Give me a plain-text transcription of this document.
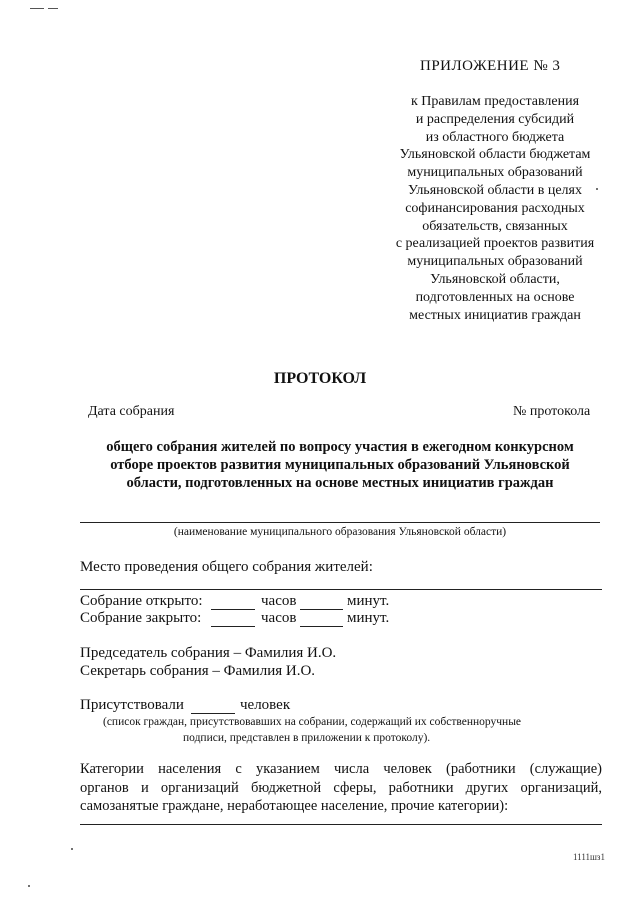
ПРИЛОЖЕНИЕ № 3
к Правилам предоставления
и распределения субсидий
из областного бюджета
Ульяновской области бюджетам
муниципальных образований
Ульяновской области в целях
софинансирования расходных
обязательств, связанных
с реализацией проектов развития
муниципальных образований
Ульяновской области,
подготовленных на основе
местных инициатив граждан
ПРОТОКОЛ
Дата собрания	№ протокола
общего собрания жителей по вопросу участия в ежегодном конкурсном
отборе проектов развития муниципальных образований Ульяновской
области, подготовленных на основе местных инициатив граждан
(наименование муниципального образования Ульяновской области)
Место проведения общего собрания жителей:
Собрание открыто:	часов	минут.
Собрание закрыто:	часов	минут.
Председатель собрания – Фамилия И.О.
Секретарь собрания – Фамилия И.О.
Присутствовали	человек
(список граждан, присутствовавших на собрании, содержащий их собственноручные
подписи, представлен в приложении к протоколу).
Категории населения с указанием числа человек (работники (служащие)
органов и организаций бюджетной сферы, работники других организаций,
самозанятые граждане, неработающее население, прочие категории):
1111шз1
